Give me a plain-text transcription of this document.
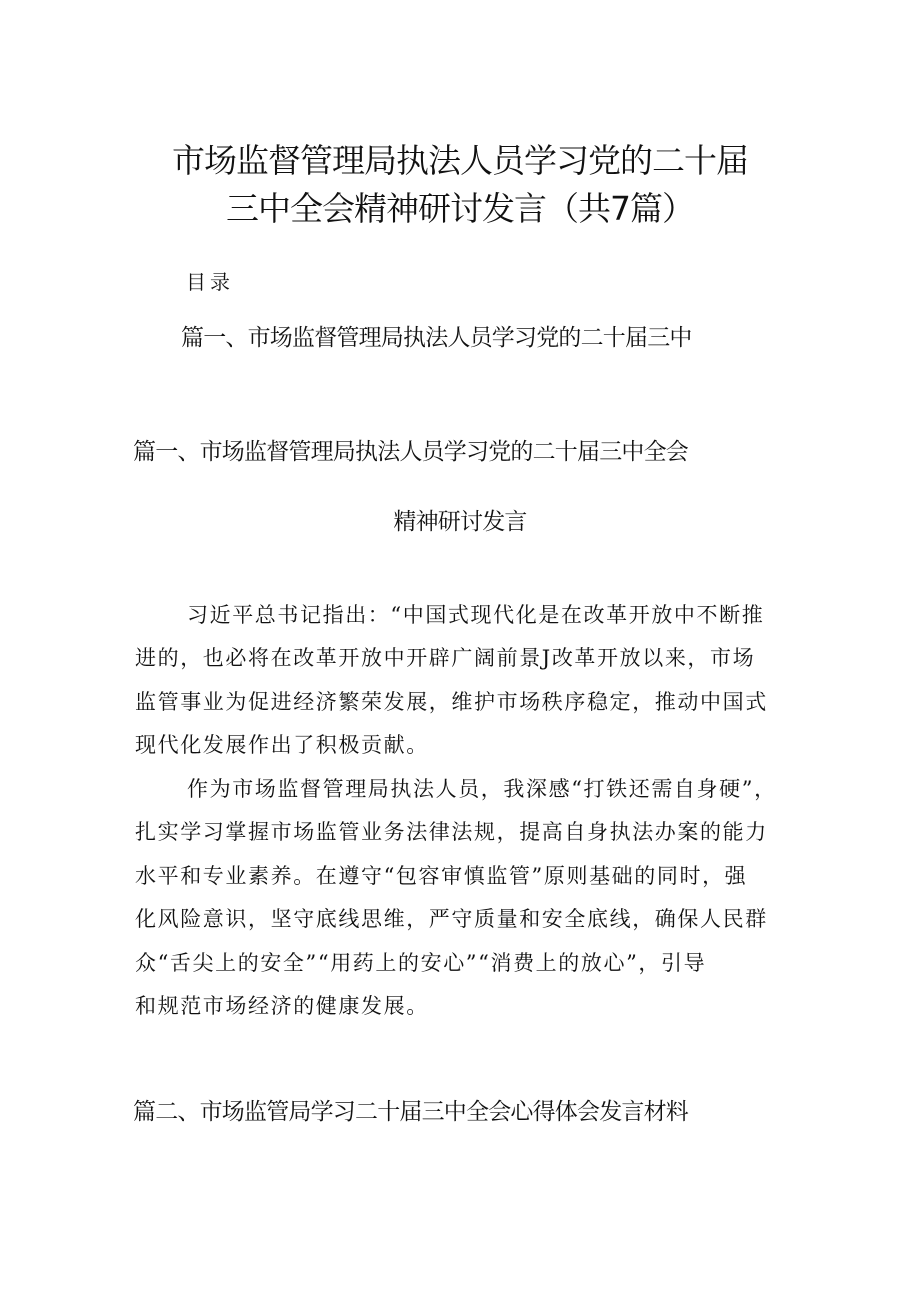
市场监督管理局执法人员学习党的二十届
三中全会精神研讨发言（共7篇）
目录
篇一、市场监督管理局执法人员学习党的二十届三中
篇一、市场监督管理局执法人员学习党的二十届三中全会
精神研讨发言
习近平总书记指出：“中国式现代化是在改革开放中不断推
进的，也必将在改革开放中开辟广阔前景J改革开放以来，市场
监管事业为促进经济繁荣发展，维护市场秩序稳定，推动中国式
现代化发展作出了积极贡献。
作为市场监督管理局执法人员，我深感“打铁还需自身硬”，
扎实学习掌握市场监管业务法律法规，提高自身执法办案的能力
水平和专业素养。在遵守“包容审慎监管”原则基础的同时，强
化风险意识，坚守底线思维，严守质量和安全底线，确保人民群
众“舌尖上的安全”“用药上的安心”“消费上的放心”，引导
和规范市场经济的健康发展。
篇二、市场监管局学习二十届三中全会心得体会发言材料
